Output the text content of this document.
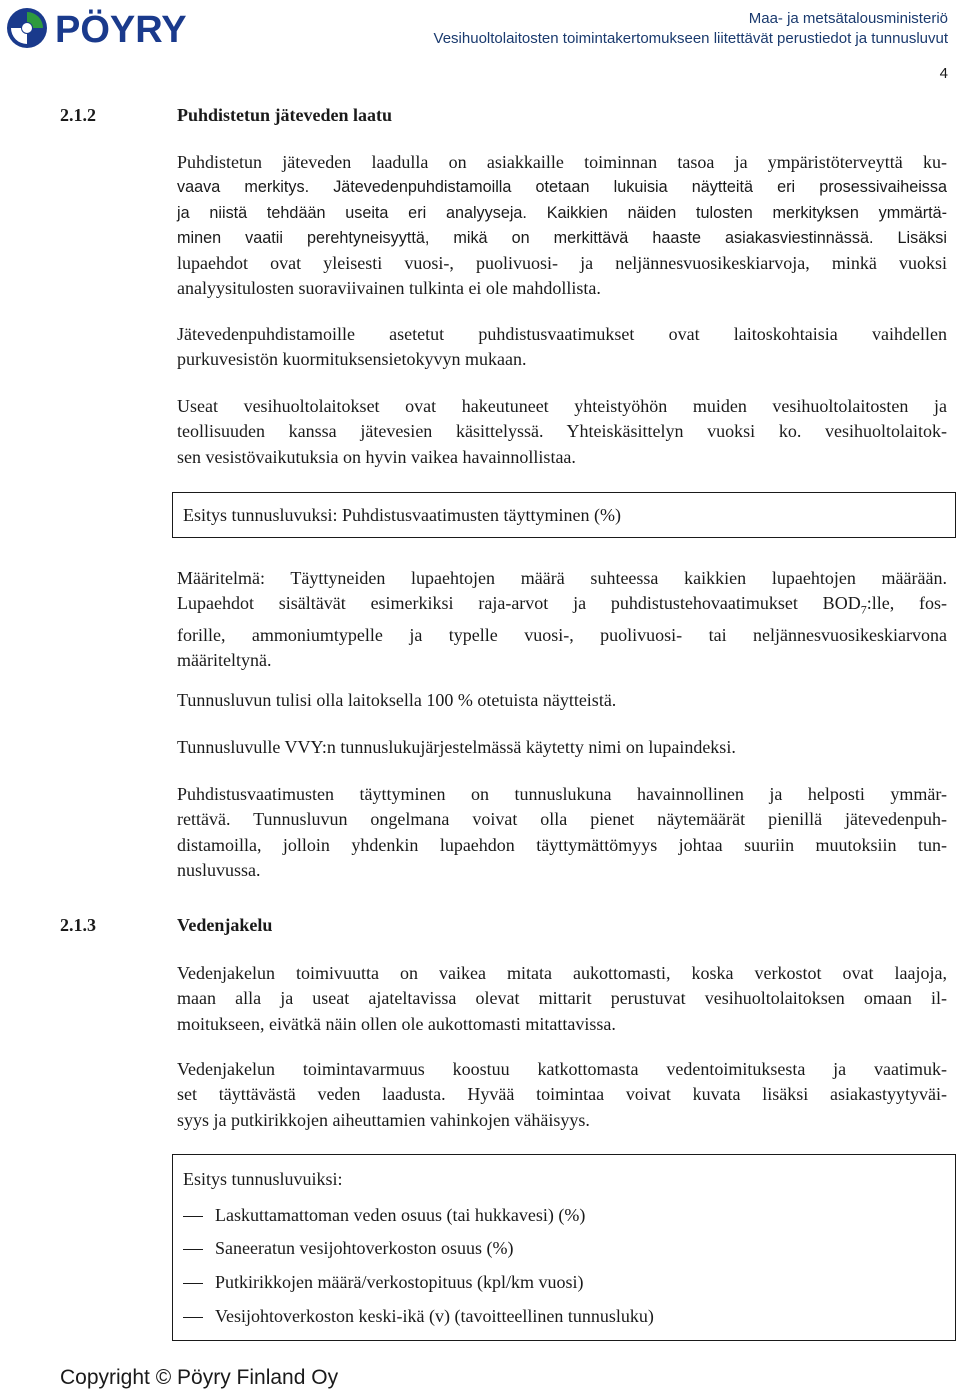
PÖYRY	Maa- ja metsätalousministeriö
Vesihuoltolaitosten toimintakertomukseen liitettävät perustiedot ja tunnusluvut
4
2.1.2	Puhdistetun jäteveden laatu
Puhdistetun jäteveden laadulla on asiakkaille toiminnan tasoa ja ympäristöterveyttä ku-
vaava merkitys. Jätevedenpuhdistamoilla otetaan lukuisia näytteitä eri prosessivaiheissa
ja niistä tehdään useita eri analyyseja. Kaikkien näiden tulosten merkityksen ymmärtä-
minen vaatii perehtyneisyyttä, mikä on merkittävä haaste asiakasviestinnässä. Lisäksi
lupaehdot ovat yleisesti vuosi-, puolivuosi- ja neljännesvuosikeskiarvoja, minkä vuoksi
analyysitulosten suoraviivainen tulkinta ei ole mahdollista.
Jätevedenpuhdistamoille asetetut puhdistusvaatimukset ovat laitoskohtaisia vaihdellen
purkuvesistön kuormituksensietokyvyn mukaan.
Useat vesihuoltolaitokset ovat hakeutuneet yhteistyöhön muiden vesihuoltolaitosten ja
teollisuuden kanssa jätevesien käsittelyssä. Yhteiskäsittelyn vuoksi ko. vesihuoltolaitok-
sen vesistövaikutuksia on hyvin vaikea havainnollistaa.
Esitys tunnusluvuksi: Puhdistusvaatimusten täyttyminen (%)
Määritelmä: Täyttyneiden lupaehtojen määrä suhteessa kaikkien lupaehtojen määrään.
Lupaehdot sisältävät esimerkiksi raja-arvot ja puhdistustehovaatimukset $BOD_7:lle$, fos-
forille, ammoniumtypelle ja typelle vuosi-, puolivuosi- tai neljännesvuosikeskiarvona
määriteltynä.
Tunnusluvun tulisi olla laitoksella 100 % otetuista näytteistä.
Tunnusluvulle VVY:n tunnuslukujärjestelmässä käytetty nimi on lupaindeksi.
Puhdistusvaatimusten täyttyminen on tunnuslukuna havainnollinen ja helposti ymmär-
rettävä. Tunnusluvun ongelmana voivat olla pienet näytemäärät pienillä jätevedenpuh-
distamoilla, jolloin yhdenkin lupaehdon täyttymättömyys johtaa suuriin muutoksiin tun-
nusluvussa.
2.1.3	Vedenjakelu
Vedenjakelun toimivuutta on vaikea mitata aukottomasti, koska verkostot ovat laajoja,
maan alla ja useat ajateltavissa olevat mittarit perustuvat vesihuoltolaitoksen omaan il-
moitukseen, eivätkä näin ollen ole aukottomasti mitattavissa.
Vedenjakelun toimintavarmuus koostuu katkottomasta vedentoimituksesta ja vaatimuk-
set täyttävästä veden laadusta. Hyvää toimintaa voivat kuvata lisäksi asiakastyytyväi-
syys ja putkirikkojen aiheuttamien vahinkojen vähäisyys.
Esitys tunnusluvuiksi:
Laskuttamattoman veden osuus (tai hukkavesi) (%)
Saneeratun vesijohtoverkoston osuus (%)
Putkirikkojen määrä/verkostopituus (kpl/km vuosi)
Vesijohtoverkoston keski-ikä (v) (tavoitteellinen tunnusluku)
Copyright © Pöyry Finland Oy
